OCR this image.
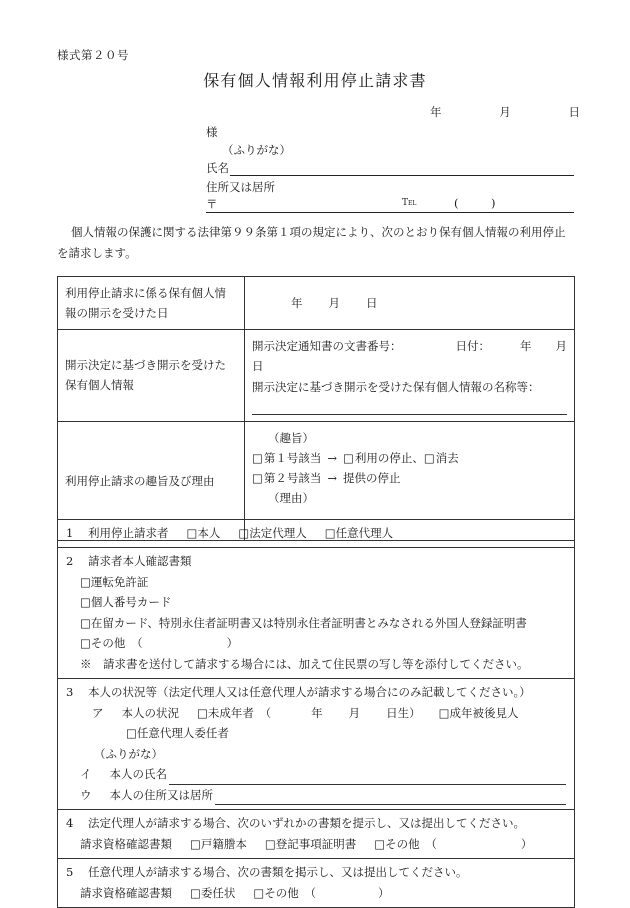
様式第２０号
保有個人情報利用停止請求書
年	月	日
様
（ふりがな）
氏名
住所又は居所
〒	Tel	( )
個人情報の保護に関する法律第９９条第１項の規定により、次のとおり保有個人情報の利用停止を請求します。
利用停止請求に係る保有個人情報の開示を受けた日	年 月 日
開示決定に基づき開示を受けた保有個人情報	開示決定通知書の文書番号： 日付： 年 月
日
開示決定に基づき開示を受けた保有個人情報の名称等：

利用停止請求の趣旨及び理由	（趣旨）
□第１号該当 → □利用の停止、□消去
□第２号該当 → 提供の停止
（理由）
1 利用停止請求者 □本人 □法定代理人 □任意代理人

2 請求者本人確認書類
□運転免許証
□個人番号カード
□在留カード、特別永住者証明書又は特別永住者証明書とみなされる外国人登録証明書
□その他　（	）
※　請求書を送付して請求する場合には、加えて住民票の写し等を添付してください。

3 本人の状況等（法定代理人又は任意代理人が請求する場合にのみ記載してください。）
ア 本人の状況 □未成年者　（	年 月 日生） □成年被後見人
□任意代理人委任者
（ふりがな）
イ 本人の氏名
ウ 本人の住所又は居所

4 法定代理人が請求する場合、次のいずれかの書類を提示し、又は提出してください。
請求資格確認書類 □戸籍謄本 □登記事項証明書 □その他　（	）

5 任意代理人が請求する場合、次の書類を掲示し、又は提出してください。
請求資格確認書類 □委任状 □その他　（	）
